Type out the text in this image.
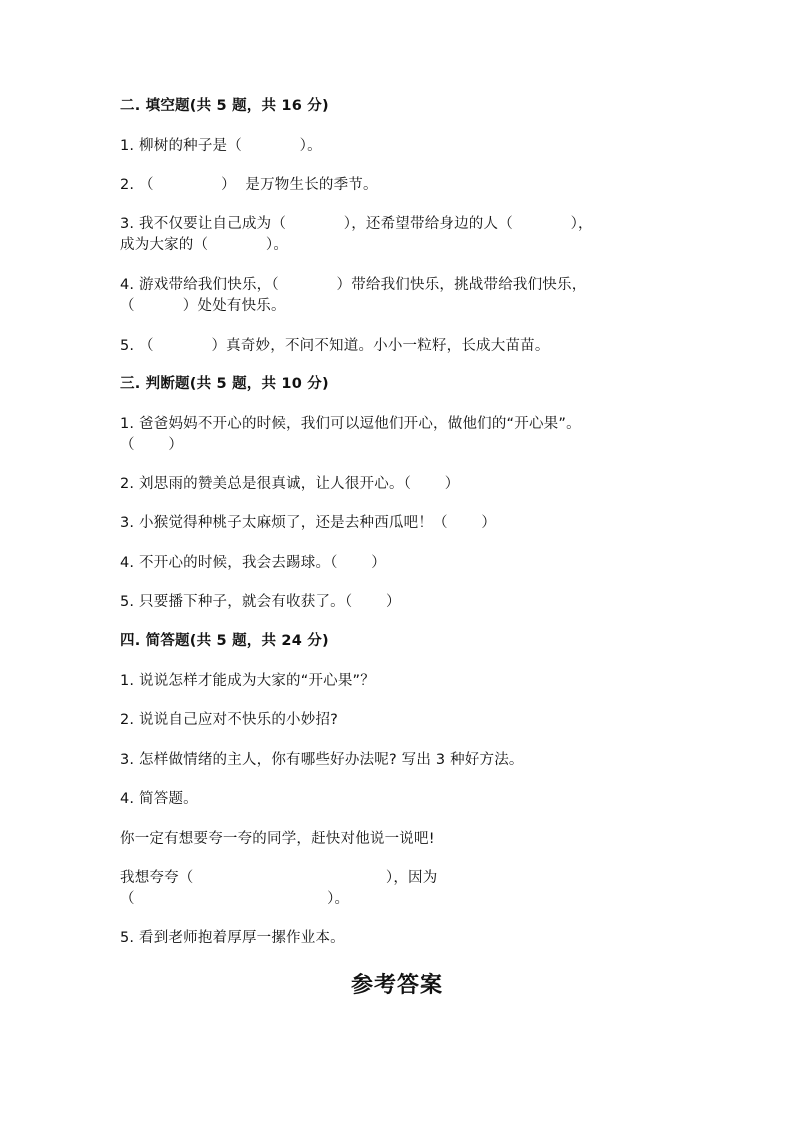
二. 填空题(共 5 题，共 16 分)
1. 柳树的种子是（            ）。
2. （              ）  是万物生长的季节。
3. 我不仅要让自己成为（            ），还希望带给身边的人（            ），
成为大家的（            ）。
4. 游戏带给我们快乐，（            ）带给我们快乐，挑战带给我们快乐，
（          ）处处有快乐。
5. （            ）真奇妙，不问不知道。小小一粒籽，长成大苗苗。
三. 判断题(共 5 题，共 10 分)
1. 爸爸妈妈不开心的时候，我们可以逗他们开心，做他们的“开心果”。
（       ）
2. 刘思雨的赞美总是很真诚，让人很开心。（       ）
3. 小猴觉得种桃子太麻烦了，还是去种西瓜吧！（       ）
4. 不开心的时候，我会去踢球。（       ）
5. 只要播下种子，就会有收获了。（       ）
四. 简答题(共 5 题，共 24 分)
1. 说说怎样才能成为大家的“开心果”？
2. 说说自己应对不快乐的小妙招?
3. 怎样做情绪的主人，你有哪些好办法呢? 写出 3 种好方法。
4. 简答题。
你一定有想要夸一夸的同学，赶快对他说一说吧!
我想夸夸（                                        ），因为
（                                        ）。
5. 看到老师抱着厚厚一摞作业本。
参考答案
